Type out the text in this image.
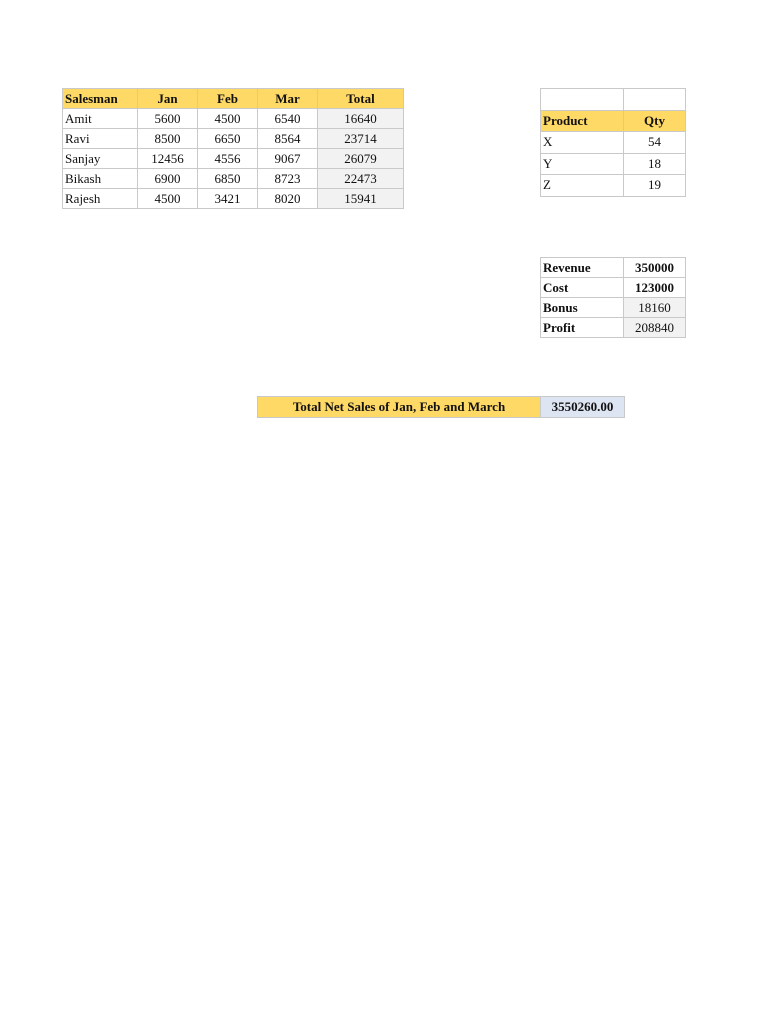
Salesman	Jan	Feb	Mar	Total
Amit	5600	4500	6540	16640
Ravi	8500	6650	8564	23714
Sanjay	12456	4556	9067	26079
Bikash	6900	6850	8723	22473
Rajesh	4500	3421	8020	15941

Product	Qty
X	54
Y	18
Z	19
Revenue	350000
Cost	123000
Bonus	18160
Profit	208840
Total Net Sales of Jan, Feb and March	3550260.00
